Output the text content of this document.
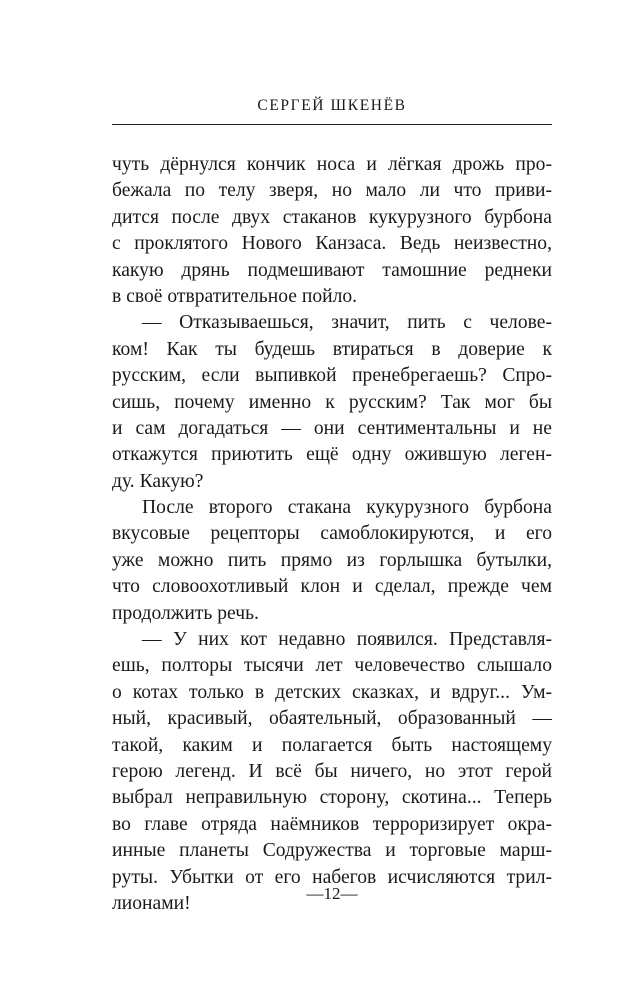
СЕРГЕЙ ШКЕНЁВ
чуть дёрнулся кончик носа и лёгкая дрожь про-
бежала по телу зверя, но мало ли что приви-
дится после двух стаканов кукурузного бурбона
с проклятого Нового Канзаса. Ведь неизвестно,
какую дрянь подмешивают тамошние реднеки
в своё отвратительное пойло.
— Отказываешься, значит, пить с челове-
ком! Как ты будешь втираться в доверие к
русским, если выпивкой пренебрегаешь? Спро-
сишь, почему именно к русским? Так мог бы
и сам догадаться — они сентиментальны и не
откажутся приютить ещё одну ожившую леген-
ду. Какую?
После второго стакана кукурузного бурбона
вкусовые рецепторы самоблокируются, и его
уже можно пить прямо из горлышка бутылки,
что словоохотливый клон и сделал, прежде чем
продолжить речь.
— У них кот недавно появился. Представля-
ешь, полторы тысячи лет человечество слышало
о котах только в детских сказках, и вдруг... Ум-
ный, красивый, обаятельный, образованный —
такой, каким и полагается быть настоящему
герою легенд. И всё бы ничего, но этот герой
выбрал неправильную сторону, скотина... Теперь
во главе отряда наёмников терроризирует окра-
инные планеты Содружества и торговые марш-
руты. Убытки от его набегов исчисляются трил-
лионами!	—12—
